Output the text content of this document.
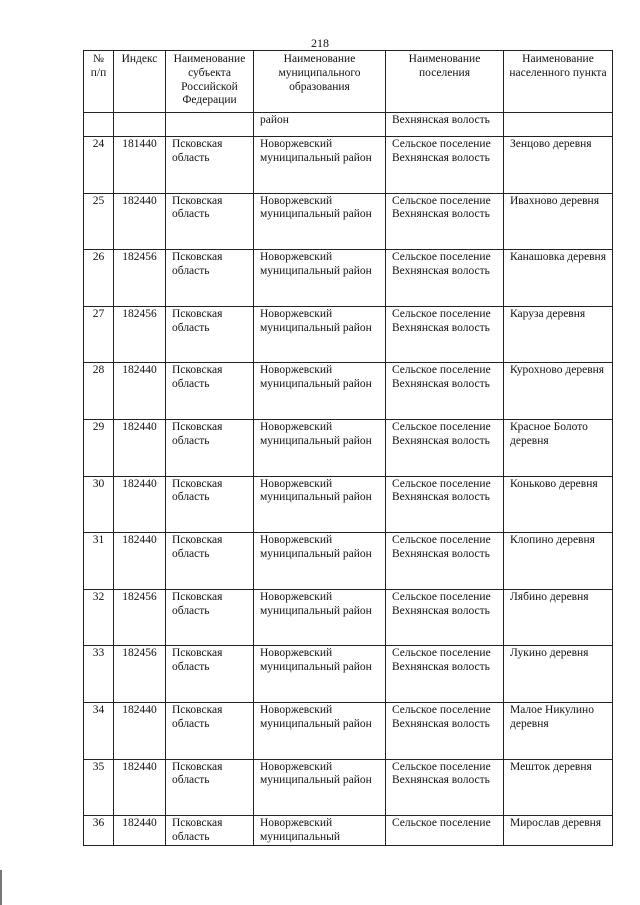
218
№ п/п	Индекс	Наименование субъекта Российской Федерации	Наименование муниципального образования	Наименование поселения	Наименование населенного пункта
			район	Вехнянская волость	
24	181440	Псковская область	Новоржевский муниципальный район	Сельское поселение Вехнянская волость	Зенцово деревня
25	182440	Псковская область	Новоржевский муниципальный район	Сельское поселение Вехнянская волость	Ивахново деревня
26	182456	Псковская область	Новоржевский муниципальный район	Сельское поселение Вехнянская волость	Канашовка деревня
27	182456	Псковская область	Новоржевский муниципальный район	Сельское поселение Вехнянская волость	Каруза деревня
28	182440	Псковская область	Новоржевский муниципальный район	Сельское поселение Вехнянская волость	Курохново деревня
29	182440	Псковская область	Новоржевский муниципальный район	Сельское поселение Вехнянская волость	Красное Болото деревня
30	182440	Псковская область	Новоржевский муниципальный район	Сельское поселение Вехнянская волость	Коньково деревня
31	182440	Псковская область	Новоржевский муниципальный район	Сельское поселение Вехнянская волость	Клопино деревня
32	182456	Псковская область	Новоржевский муниципальный район	Сельское поселение Вехнянская волость	Лябино деревня
33	182456	Псковская область	Новоржевский муниципальный район	Сельское поселение Вехнянская волость	Лукино деревня
34	182440	Псковская область	Новоржевский муниципальный район	Сельское поселение Вехнянская волость	Малое Никулино деревня
35	182440	Псковская область	Новоржевский муниципальный район	Сельское поселение Вехнянская волость	Мешток деревня
36	182440	Псковская область	Новоржевский муниципальный	Сельское поселение	Мирослав деревня
